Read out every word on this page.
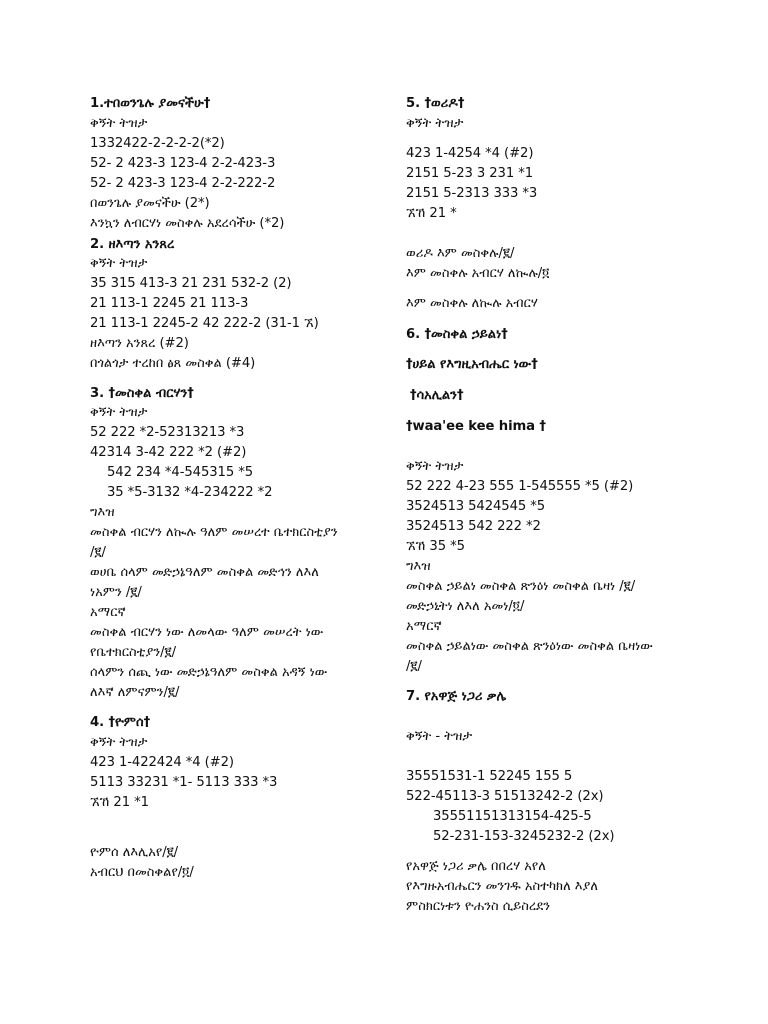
1.ተበወንጌሉ ያመናችሁ†
ቅኝት ትዝታ
1332422-2-2-2-2(*2)
52- 2 423-3 123-4 2-2-423-3
52- 2 423-3 123-4 2-2-222-2
በወንጌሉ ያመናችሁ (2*)
እንኳን ለብርሃነ መስቀሉ አደረሳችሁ (*2)
2. ዘእጣን አንጸረ
ቅኝት ትዝታ
35 315 413-3 21 231 532-2 (2)
21 113-1 2245 21 113-3
21 113-1 2245-2 42 222-2 (31-1 ኧ)
ዘእጣን አንጸረ (#2)
በጎልጎታ ተረከበ ፅጸ መስቀል (#4)
3. †መስቀል ብርሃን†
ቅኝት ትዝታ
52 222 *2-52313213 *3
42314 3-42 222 *2 (#2)
542 234 *4-545315 *5
35 *5-3132 *4-234222 *2
ግእዝ
መስቀል ብርሃን ለኲሉ ዓለም መሠረተ ቤተክርስቲያን
/፪/
ወሀቤ ሰላም መድኃኔዓለም መስቀል መድኅን ለእለ
ነአምን /፪/
አማርኛ
መስቀል ብርሃን ነው ለመላው ዓለም መሠረት ነው
የቤተክርስቲያን/፪/
ሰላምን ሰጪ ነው መድኃኔዓለም መስቀል አዳኝ ነው
ለእኛ ለምናምን/፪/
4. †ዮምሰ†
ቅኝት ትዝታ
423 1-422424 *4 (#2)
5113 33231 *1- 5113 333 *3
ኧኸ 21 *1
ዮምሰ ለእሊአየ/፪/
አብርህ በመስቀልየ/፬/
5. †ወሪዶ†
ቅኝት ትዝታ
423 1-4254 *4 (#2)
2151 5-23 3 231 *1
2151 5-2313 333 *3
ኧኸ 21 *
ወሪዶ እም መስቀሉ/፪/
እም መስቀሉ አብርሃ ለኲሉ/፬
እም መስቀሉ ለኲሉ አብርሃ
6. †መስቀል ኃይልነ†
†ሀይል የእግዚአብሔር ነው†
†ሳአሊልን†
†waa'ee kee hima †
ቅኝት ትዝታ
52 222 4-23 555 1-545555 *5 (#2)
3524513 5424545 *5
3524513 542 222 *2
ኧኸ 35 *5
ግእዝ
መስቀል ኃይልነ መስቀል ጽንዕነ መስቀል ቤዛነ /፪/
መድኃኒትነ ለእለ አመነ/፬/
አማርኛ
መስቀል ኃይልነው መስቀል ጽንዕነው መስቀል ቤዛነው
/፪/
7. የአዋጅ ነጋሪ ቃሌ
ቅኝት - ትዝታ
35551531-1 52245 155 5
522-45113-3 51513242-2 (2x)
35551151313154-425-5
52-231-153-3245232-2 (2x)
የአዋጅ ነጋሪ ቃሌ በበረሃ አየለ
የእግዙአብሔርን መንገዱ አስተካክለ እያለ
ምስክርነቱን ዮሐንስ ሲይስረደን
